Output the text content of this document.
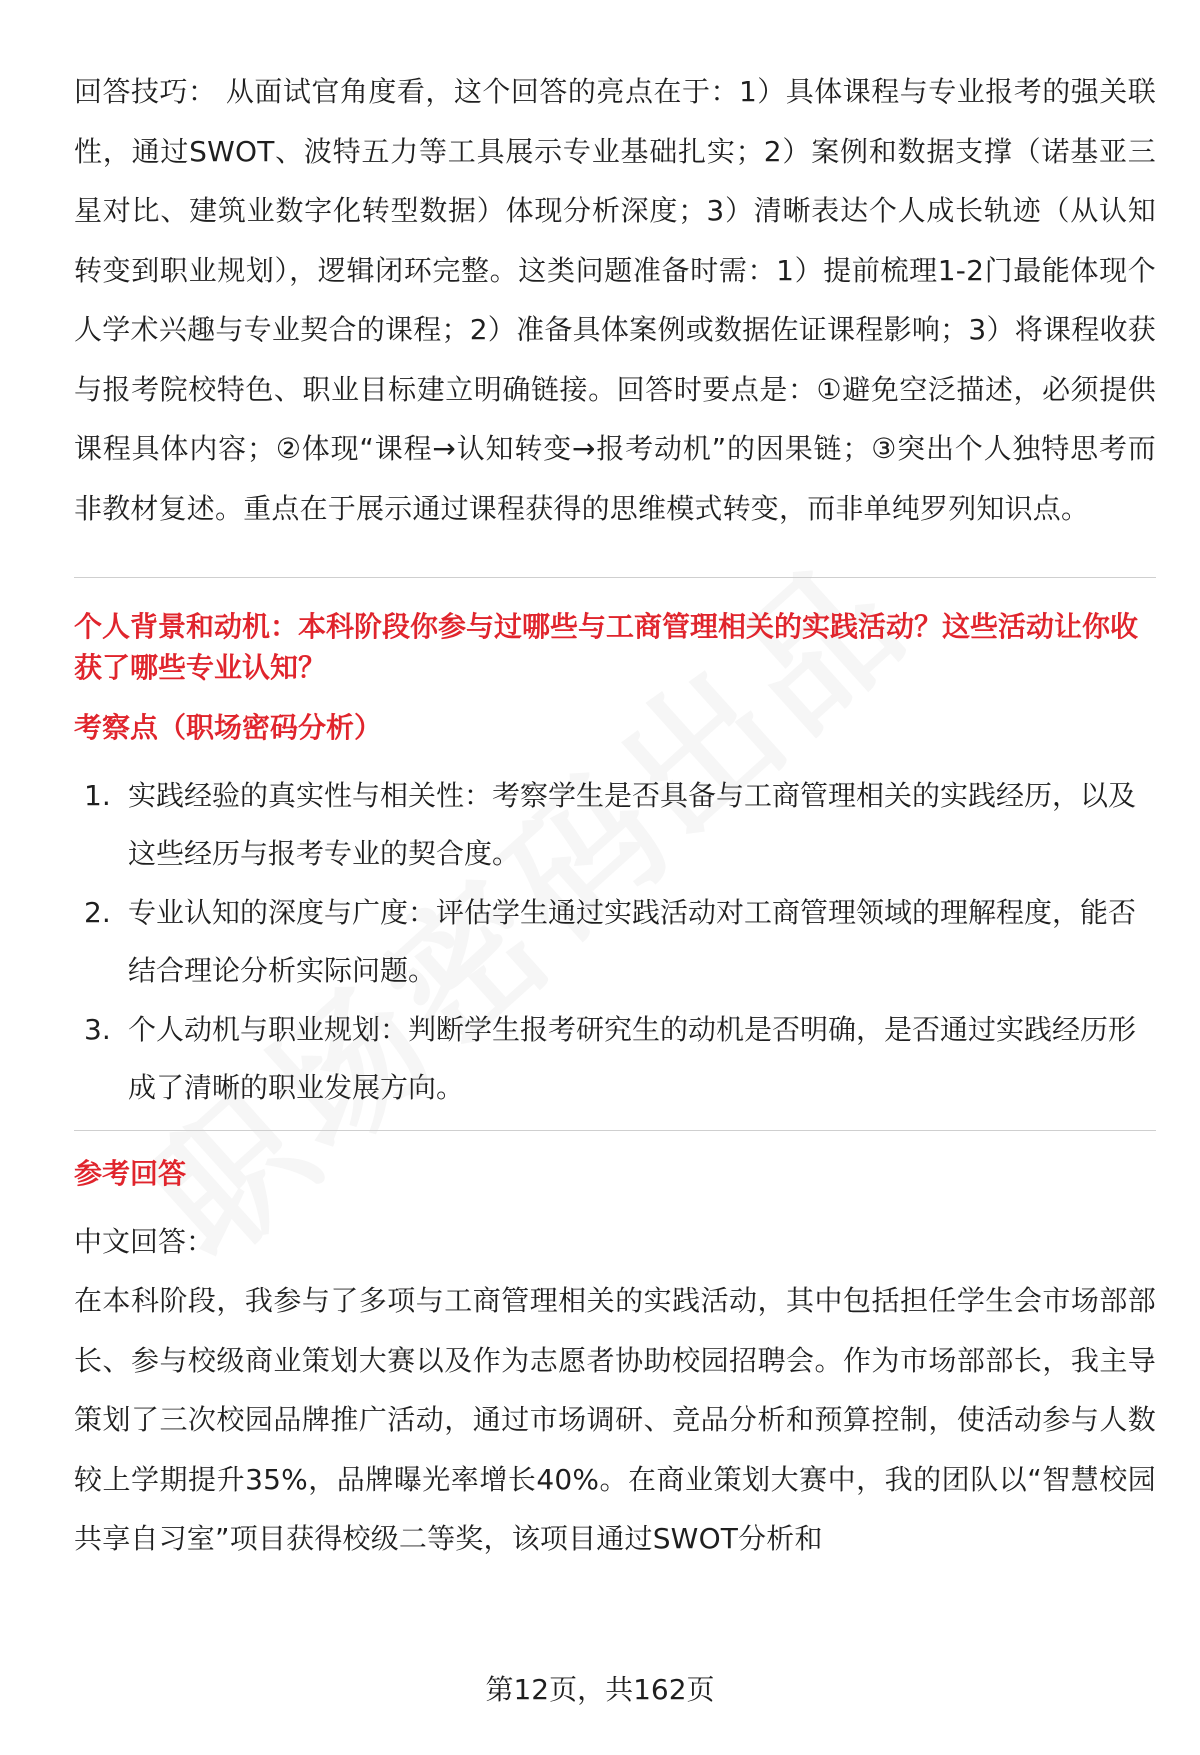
回答技巧： 从面试官角度看，这个回答的亮点在于：1）具体课程与专业报考的强关联性，通过SWOT、波特五力等工具展示专业基础扎实；2）案例和数据支撑（诺基亚三星对比、建筑业数字化转型数据）体现分析深度；3）清晰表达个人成长轨迹（从认知转变到职业规划），逻辑闭环完整。这类问题准备时需：1）提前梳理1-2门最能体现个人学术兴趣与专业契合的课程；2）准备具体案例或数据佐证课程影响；3）将课程收获与报考院校特色、职业目标建立明确链接。回答时要点是：①避免空泛描述，必须提供课程具体内容；②体现“课程→认知转变→报考动机”的因果链；③突出个人独特思考而非教材复述。重点在于展示通过课程获得的思维模式转变，而非单纯罗列知识点。

个人背景和动机：本科阶段你参与过哪些与工商管理相关的实践活动？这些活动让你收获了哪些专业认知？

考察点（职场密码分析）

1. 实践经验的真实性与相关性：考察学生是否具备与工商管理相关的实践经历，以及这些经历与报考专业的契合度。
2. 专业认知的深度与广度：评估学生通过实践活动对工商管理领域的理解程度，能否结合理论分析实际问题。
3. 个人动机与职业规划：判断学生报考研究生的动机是否明确，是否通过实践经历形成了清晰的职业发展方向。

参考回答

中文回答：

在本科阶段，我参与了多项与工商管理相关的实践活动，其中包括担任学生会市场部部长、参与校级商业策划大赛以及作为志愿者协助校园招聘会。作为市场部部长，我主导策划了三次校园品牌推广活动，通过市场调研、竞品分析和预算控制，使活动参与人数较上学期提升35%，品牌曝光率增长40%。在商业策划大赛中，我的团队以“智慧校园共享自习室”项目获得校级二等奖，该项目通过SWOT分析和

第12页，共162页
